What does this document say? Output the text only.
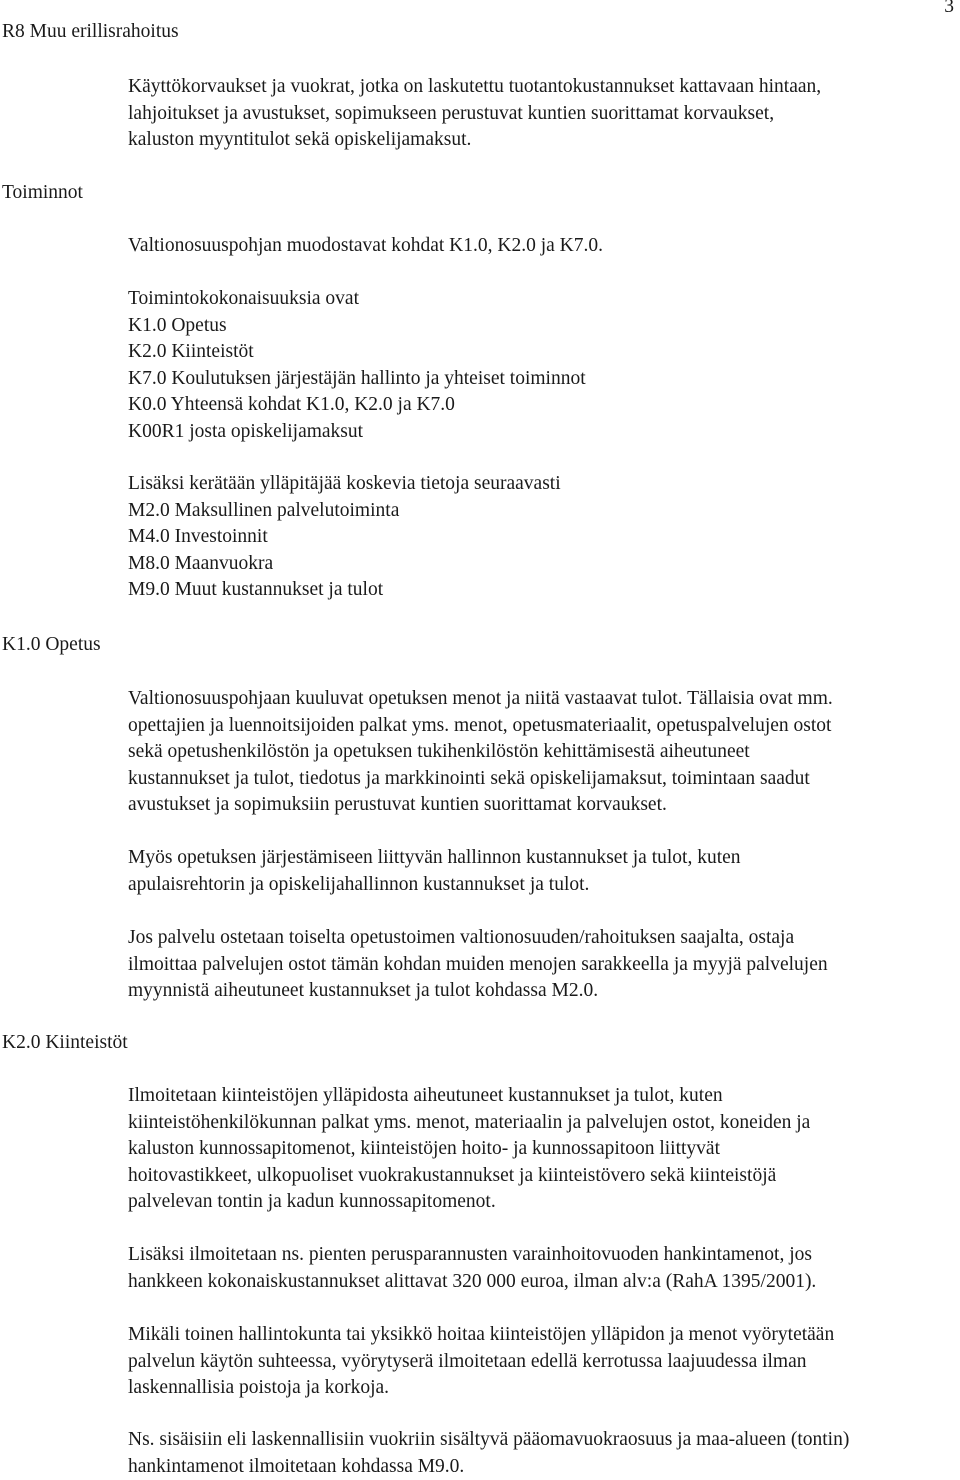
3
R8 Muu erillisrahoitus
Käyttökorvaukset ja vuokrat, jotka on laskutettu tuotantokustannukset kattavaan hintaan,
lahjoitukset ja avustukset, sopimukseen perustuvat kuntien suorittamat korvaukset,
kaluston myyntitulot sekä opiskelijamaksut.
Toiminnot
Valtionosuuspohjan muodostavat kohdat K1.0, K2.0 ja K7.0.
Toimintokokonaisuuksia ovat
K1.0 Opetus
K2.0 Kiinteistöt
K7.0 Koulutuksen järjestäjän hallinto ja yhteiset toiminnot
K0.0 Yhteensä kohdat K1.0, K2.0 ja K7.0
K00R1 josta opiskelijamaksut
Lisäksi kerätään ylläpitäjää koskevia tietoja seuraavasti
M2.0 Maksullinen palvelutoiminta
M4.0 Investoinnit
M8.0 Maanvuokra
M9.0 Muut kustannukset ja tulot
K1.0 Opetus
Valtionosuuspohjaan kuuluvat opetuksen menot ja niitä vastaavat tulot. Tällaisia ovat mm.
opettajien ja luennoitsijoiden palkat yms. menot, opetusmateriaalit, opetuspalvelujen ostot
sekä opetushenkilöstön ja opetuksen tukihenkilöstön kehittämisestä aiheutuneet
kustannukset ja tulot, tiedotus ja markkinointi sekä opiskelijamaksut, toimintaan saadut
avustukset ja sopimuksiin perustuvat kuntien suorittamat korvaukset.
Myös opetuksen järjestämiseen liittyvän hallinnon kustannukset ja tulot, kuten
apulaisrehtorin ja opiskelijahallinnon kustannukset ja tulot.
Jos palvelu ostetaan toiselta opetustoimen valtionosuuden/rahoituksen saajalta, ostaja
ilmoittaa palvelujen ostot tämän kohdan muiden menojen sarakkeella ja myyjä palvelujen
myynnistä aiheutuneet kustannukset ja tulot kohdassa M2.0.
K2.0 Kiinteistöt
Ilmoitetaan kiinteistöjen ylläpidosta aiheutuneet kustannukset ja tulot, kuten
kiinteistöhenkilökunnan palkat yms. menot, materiaalin ja palvelujen ostot, koneiden ja
kaluston kunnossapitomenot, kiinteistöjen hoito- ja kunnossapitoon liittyvät
hoitovastikkeet, ulkopuoliset vuokrakustannukset ja kiinteistövero sekä kiinteistöjä
palvelevan tontin ja kadun kunnossapitomenot.
Lisäksi ilmoitetaan ns. pienten perusparannusten varainhoitovuoden hankintamenot, jos
hankkeen kokonaiskustannukset alittavat 320 000 euroa, ilman alv:a (RahA 1395/2001).
Mikäli toinen hallintokunta tai yksikkö hoitaa kiinteistöjen ylläpidon ja menot vyörytetään
palvelun käytön suhteessa, vyörytyserä ilmoitetaan edellä kerrotussa laajuudessa ilman
laskennallisia poistoja ja korkoja.
Ns. sisäisiin eli laskennallisiin vuokriin sisältyvä pääomavuokraosuus ja maa-alueen (tontin)
hankintamenot ilmoitetaan kohdassa M9.0.
